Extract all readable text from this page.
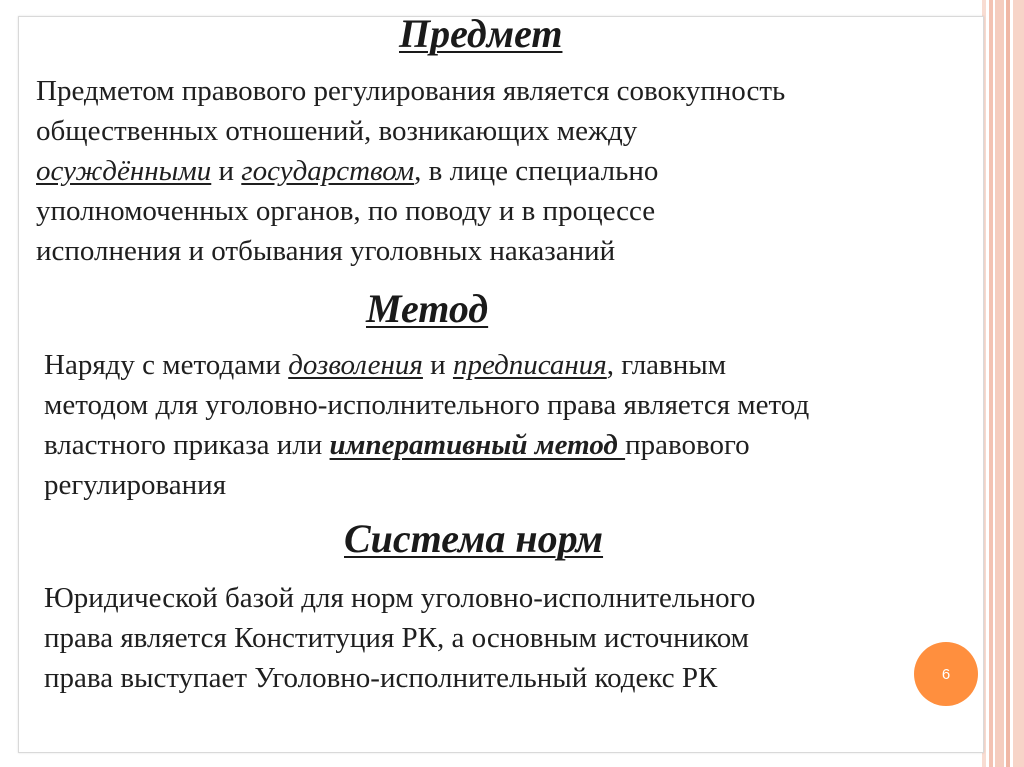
Предмет
Предметом правового регулирования является совокупность
общественных отношений, возникающих между
осуждёнными и государством, в лице специально
уполномоченных органов, по поводу и в процессе
исполнения и отбывания уголовных наказаний
Метод
Наряду с методами дозволения и предписания, главным
методом для уголовно-исполнительного права является метод
властного приказа или императивный метод правового
регулирования
Система норм
Юридической базой для норм уголовно-исполнительного
права является Конституция РК, а основным источником
права выступает Уголовно-исполнительный кодекс РК	6
